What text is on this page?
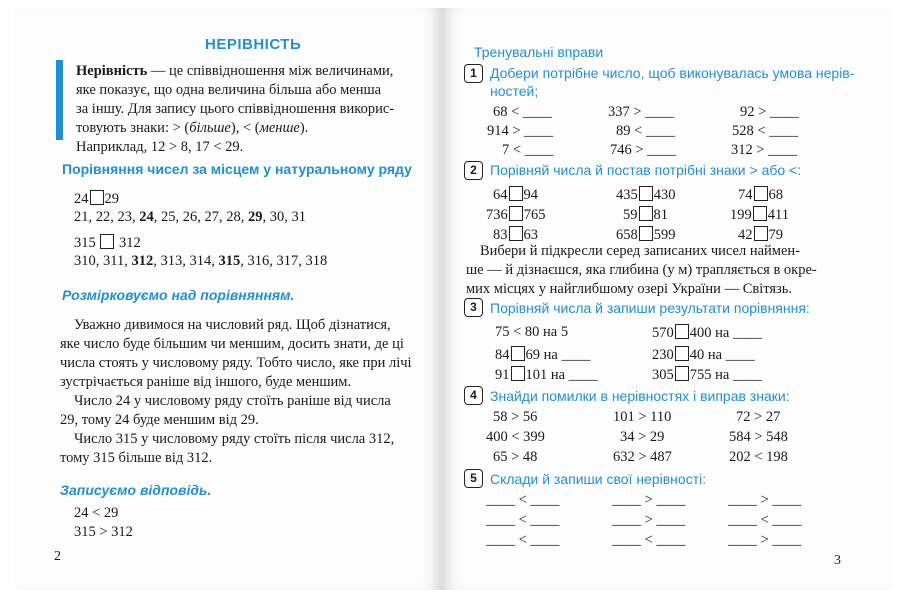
НЕРІВНІСТЬ
Нерівність — це співвідношення між величинами,
яке показує, що одна величина більша або менша
за іншу. Для запису цього співвідношення викорис-
товують знаки: > (більше), < (менше).
Наприклад, 12 > 8, 17 < 29.
Порівняння чисел за місцем у натуральному ряду
24 29
21, 22, 23, 24, 25, 26, 27, 28, 29, 30, 31
315 312
310, 311, 312, 313, 314, 315, 316, 317, 318
Розмірковуємо над порівнянням.
Уважно дивимося на числовий ряд. Щоб дізнатися,
яке число буде більшим чи меншим, досить знати, де ці
числа стоять у числовому ряду. Тобто число, яке при лічі
зустрічається раніше від іншого, буде меншим.
Число 24 у числовому ряду стоїть раніше від числа
29, тому 24 буде меншим від 29.
Число 315 у числовому ряду стоїть після числа 312,
тому 315 більше від 312.
Записуємо відповідь.
24 < 29
315 > 312
2
Тренувальні вправи
1 Добери потрібне число, щоб виконувалась умова нерів-
ностей;
68 < ____	337 > ____	92 > ____
914 > ____	89 < ____	528 < ____
7 < ____	746 > ____	312 > ____
2 Порівняй числа й постав потрібні знаки > або <:
64 94	435 430	74 68
736 765	59 81	199 411
83 63	658 599	42 79
Вибери й підкресли серед записаних чисел наймен-
ше — й дізнаєшся, яка глибина (у м) трапляється в окре-
мих місцях у найглибшому озері України — Світязь.
3 Порівняй числа й запиши результати порівняння:
75 < 80 на 5	570 400 на ____
84 69 на ____	230 40 на ____
91 101 на ____	305 755 на ____
4 Знайди помилки в нерівностях і виправ знаки:
58 > 56	101 > 110	72 > 27
400 < 399	34 > 29	584 > 548
65 > 48	632 > 487	202 < 198
5 Склади й запиши свої нерівності:
____ < ____	____ > ____	____ > ____
____ < ____	____ > ____	____ < ____
____ < ____	____ < ____	____ > ____
3
